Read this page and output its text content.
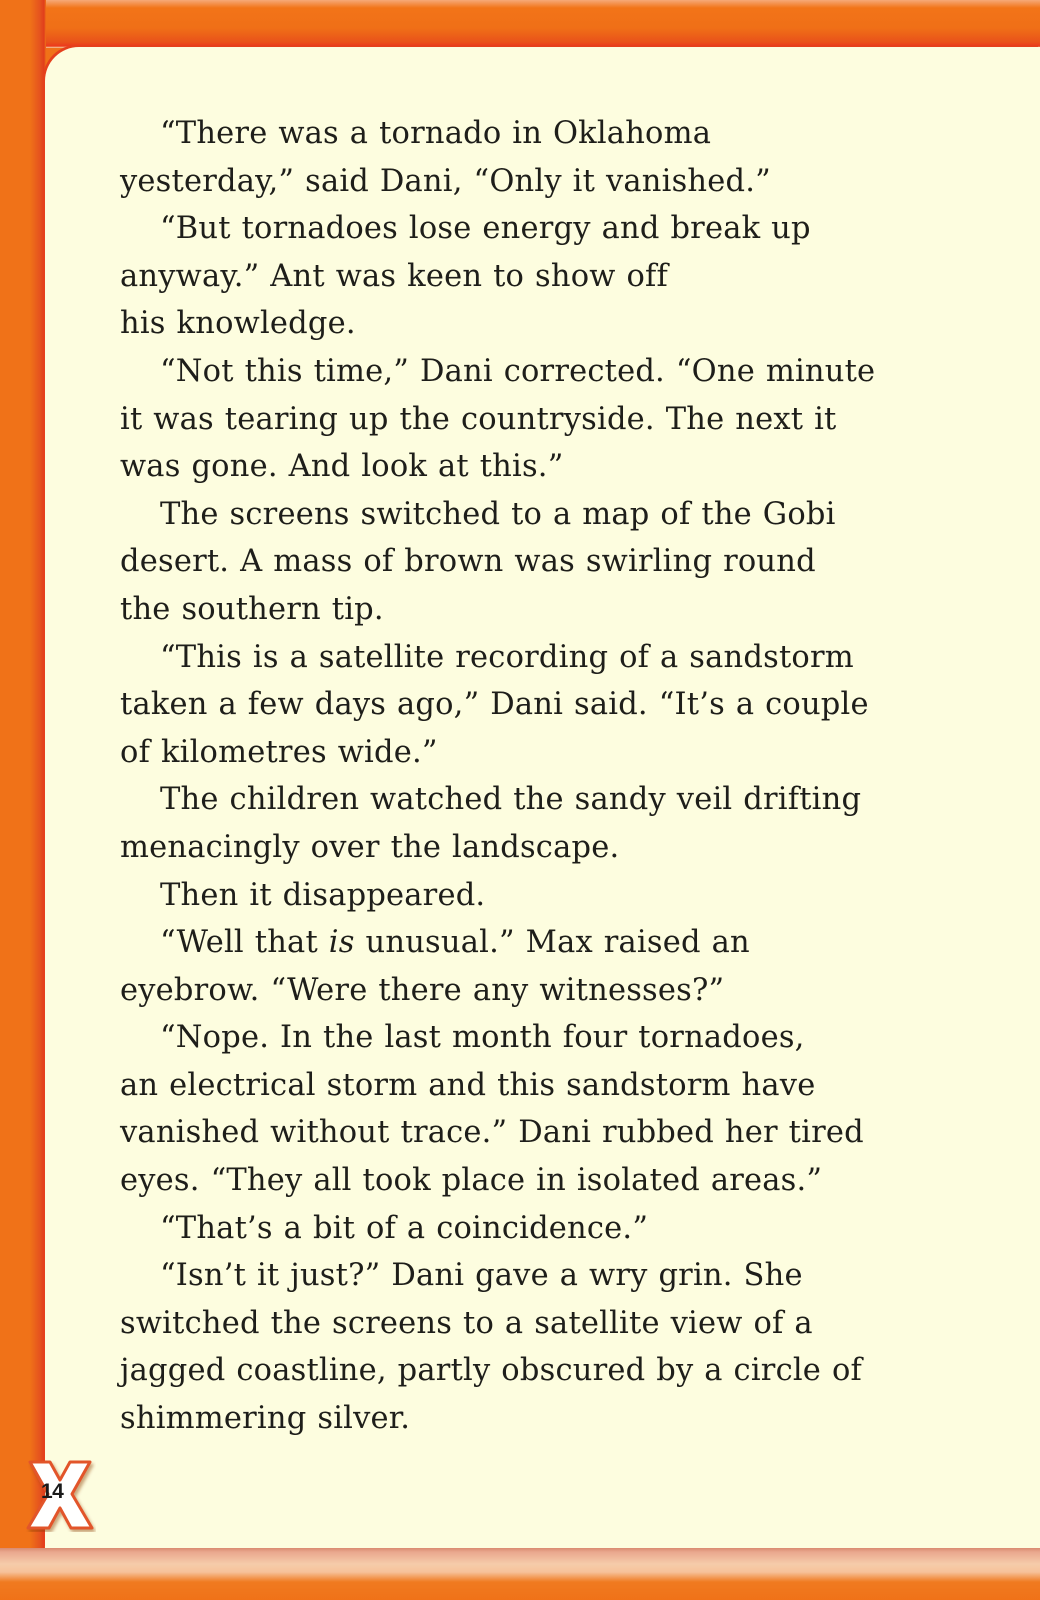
“There was a tornado in Oklahoma
yesterday,” said Dani, “Only it vanished.”
“But tornadoes lose energy and break up
anyway.” Ant was keen to show off
his knowledge.
“Not this time,” Dani corrected. “One minute
it was tearing up the countryside. The next it
was gone. And look at this.”
The screens switched to a map of the Gobi
desert. A mass of brown was swirling round
the southern tip.
“This is a satellite recording of a sandstorm
taken a few days ago,” Dani said. “It’s a couple
of kilometres wide.”
The children watched the sandy veil drifting
menacingly over the landscape.
Then it disappeared.
“Well that is unusual.” Max raised an
eyebrow. “Were there any witnesses?”
“Nope. In the last month four tornadoes,
an electrical storm and this sandstorm have
vanished without trace.” Dani rubbed her tired
eyes. “They all took place in isolated areas.”
“That’s a bit of a coincidence.”
“Isn’t it just?” Dani gave a wry grin. She
switched the screens to a satellite view of a
jagged coastline, partly obscured by a circle of
shimmering silver.
14
